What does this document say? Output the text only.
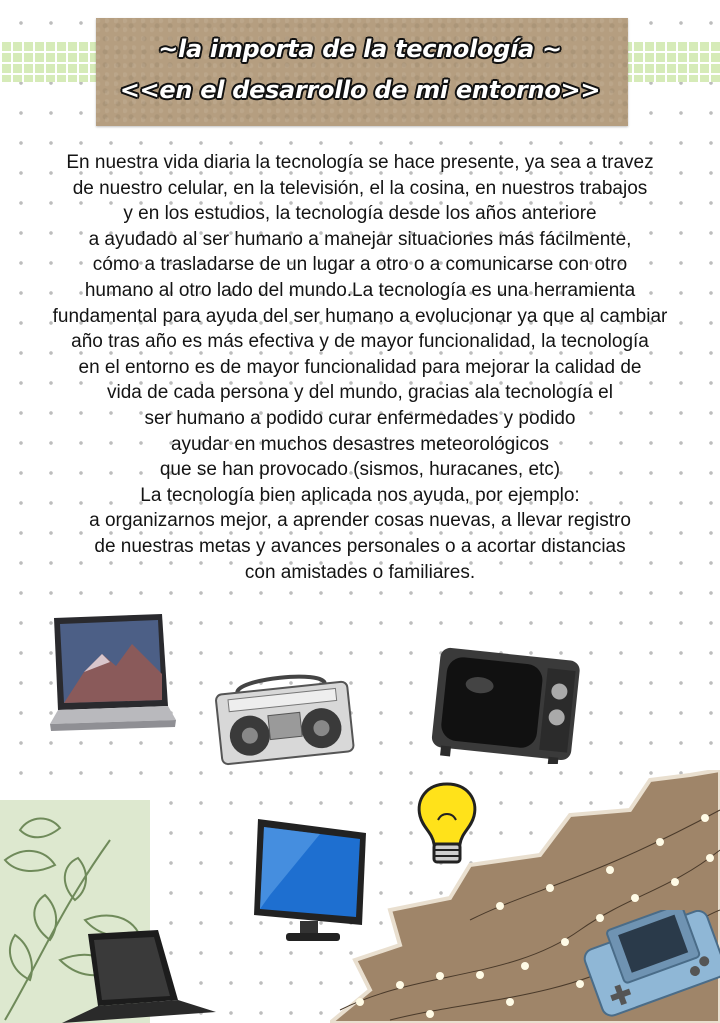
~la importa de la tecnología ~
<<en el desarrollo de mi entorno>>
En nuestra vida diaria la tecnología se hace presente, ya sea a travez
de nuestro celular, en la televisión, el la cosina, en nuestros trabajos
y en los estudios, la tecnología desde los años anteriore
a ayudado al ser humano a manejar situaciones más fácilmente,
cómo a trasladarse de un lugar a otro o a comunicarse con otro
humano al otro lado del mundo.La tecnología es una herramienta
fundamental para ayuda del ser humano a evolucionar ya que al cambiar
año tras año es más efectiva y de mayor funcionalidad, la tecnología
en el entorno es de mayor funcionalidad para mejorar la calidad de
vida de cada persona y del mundo, gracias ala tecnología el
ser humano a podido curar enfermedades y podido
ayudar en muchos desastres meteorológicos
que se han provocado (sismos, huracanes, etc)
La tecnología bien aplicada nos ayuda, por ejemplo:
a organizarnos mejor, a aprender cosas nuevas, a llevar registro
de nuestras metas y avances personales o a acortar distancias
con amistades o familiares.
